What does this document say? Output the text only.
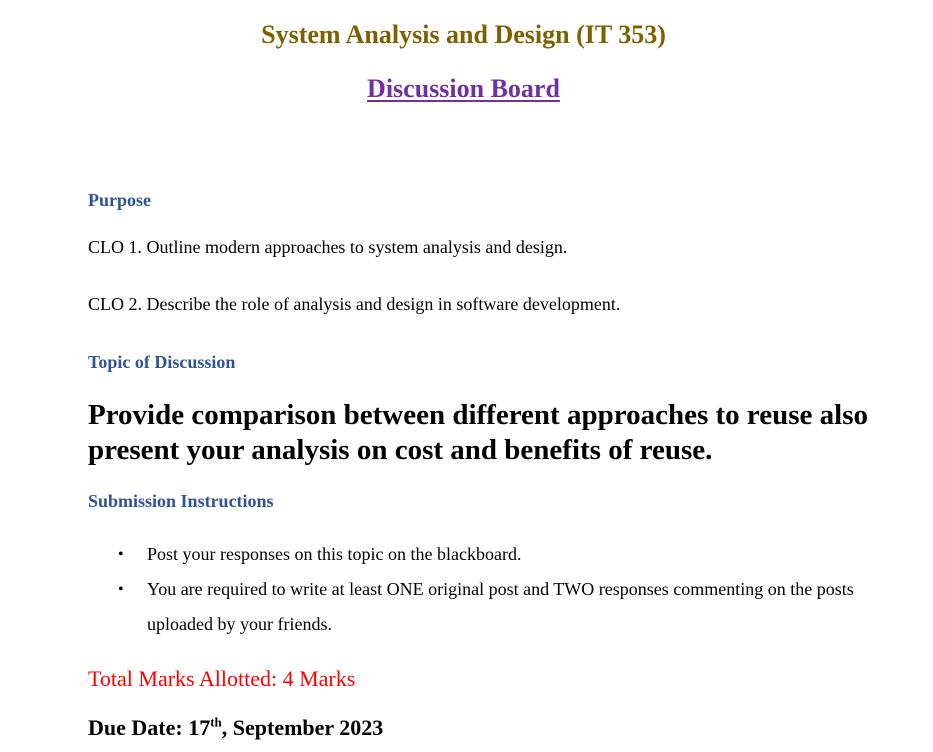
System Analysis and Design (IT 353)
Discussion Board
Purpose

CLO 1. Outline modern approaches to system analysis and design.

CLO 2. Describe the role of analysis and design in software development.

Topic of Discussion

Provide comparison between different approaches to reuse also present your analysis on cost and benefits of reuse.

Submission Instructions
• Post your responses on this topic on the blackboard.
• You are required to write at least ONE original post and TWO responses commenting on the posts uploaded by your friends.

Total Marks Allotted: 4 Marks

Due Date: 17th, September 2023
